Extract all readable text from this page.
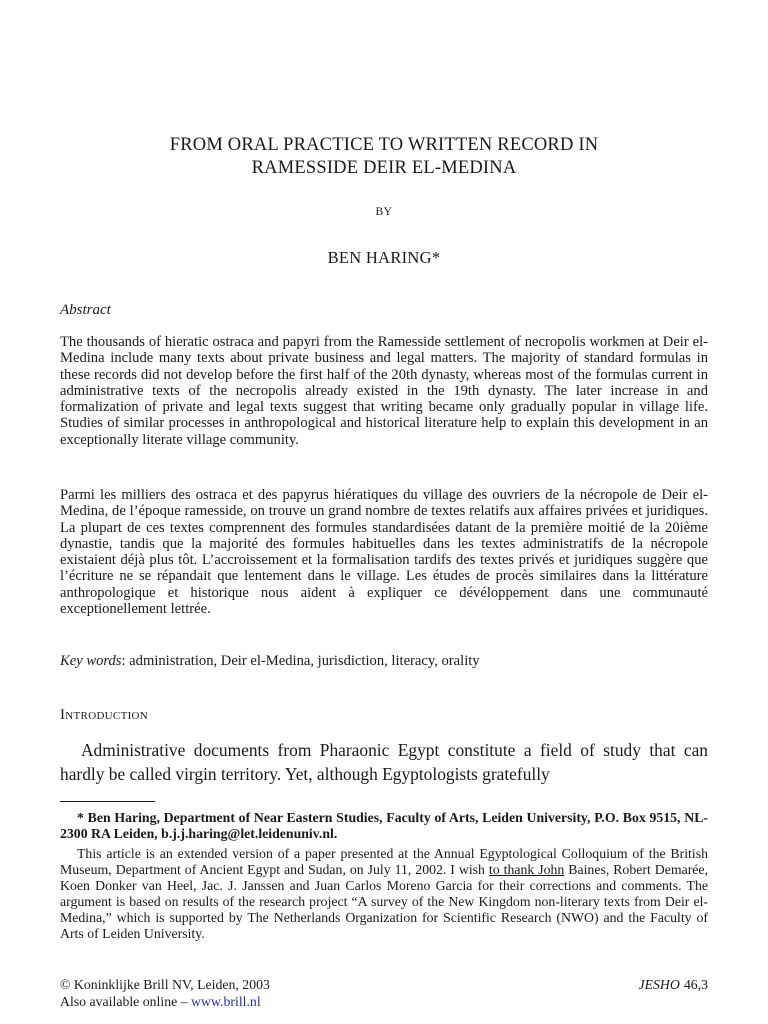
FROM ORAL PRACTICE TO WRITTEN RECORD IN
RAMESSIDE DEIR EL-MEDINA
BY
BEN HARING*
Abstract

The thousands of hieratic ostraca and papyri from the Ramesside settlement of necropolis workmen at Deir el-Medina include many texts about private business and legal matters. The majority of standard formulas in these records did not develop before the first half of the 20th dynasty, whereas most of the formulas current in administrative texts of the necropolis already existed in the 19th dynasty. The later increase in and formalization of private and legal texts suggest that writing became only gradually popular in village life. Studies of similar processes in anthropological and historical literature help to explain this development in an exceptionally literate village community.

Parmi les milliers des ostraca et des papyrus hiératiques du village des ouvriers de la nécropole de Deir el-Medina, de l’époque ramesside, on trouve un grand nombre de textes relatifs aux affaires privées et juridiques. La plupart de ces textes comprennent des formules standardisées datant de la première moitié de la 20ième dynastie, tandis que la majorité des formules habituelles dans les textes administratifs de la nécropole existaient déjà plus tôt. L’accroissement et la formalisation tardifs des textes privés et juridiques suggère que l’écriture ne se répandait que lentement dans le village. Les études de procès similaires dans la littérature anthropologique et historique nous aident à expliquer ce dévéloppement dans une communauté exceptionellement lettrée.

Key words: administration, Deir el-Medina, jurisdiction, literacy, orality
Introduction

Administrative documents from Pharaonic Egypt constitute a field of study that can hardly be called virgin territory. Yet, although Egyptologists gratefully

* Ben Haring, Department of Near Eastern Studies, Faculty of Arts, Leiden University, P.O. Box 9515, NL-2300 RA Leiden, b.j.j.haring@let.leidenuniv.nl.

This article is an extended version of a paper presented at the Annual Egyptological Colloquium of the British Museum, Department of Ancient Egypt and Sudan, on July 11, 2002. I wish to thank John Baines, Robert Demarée, Koen Donker van Heel, Jac. J. Janssen and Juan Carlos Moreno Garcia for their corrections and comments. The argument is based on results of the research project “A survey of the New Kingdom non-literary texts from Deir el-Medina,” which is supported by The Netherlands Organization for Scientific Research (NWO) and the Faculty of Arts of Leiden University.

© Koninklijke Brill NV, Leiden, 2003
Also available online – www.brill.nl
JESHO 46,3
